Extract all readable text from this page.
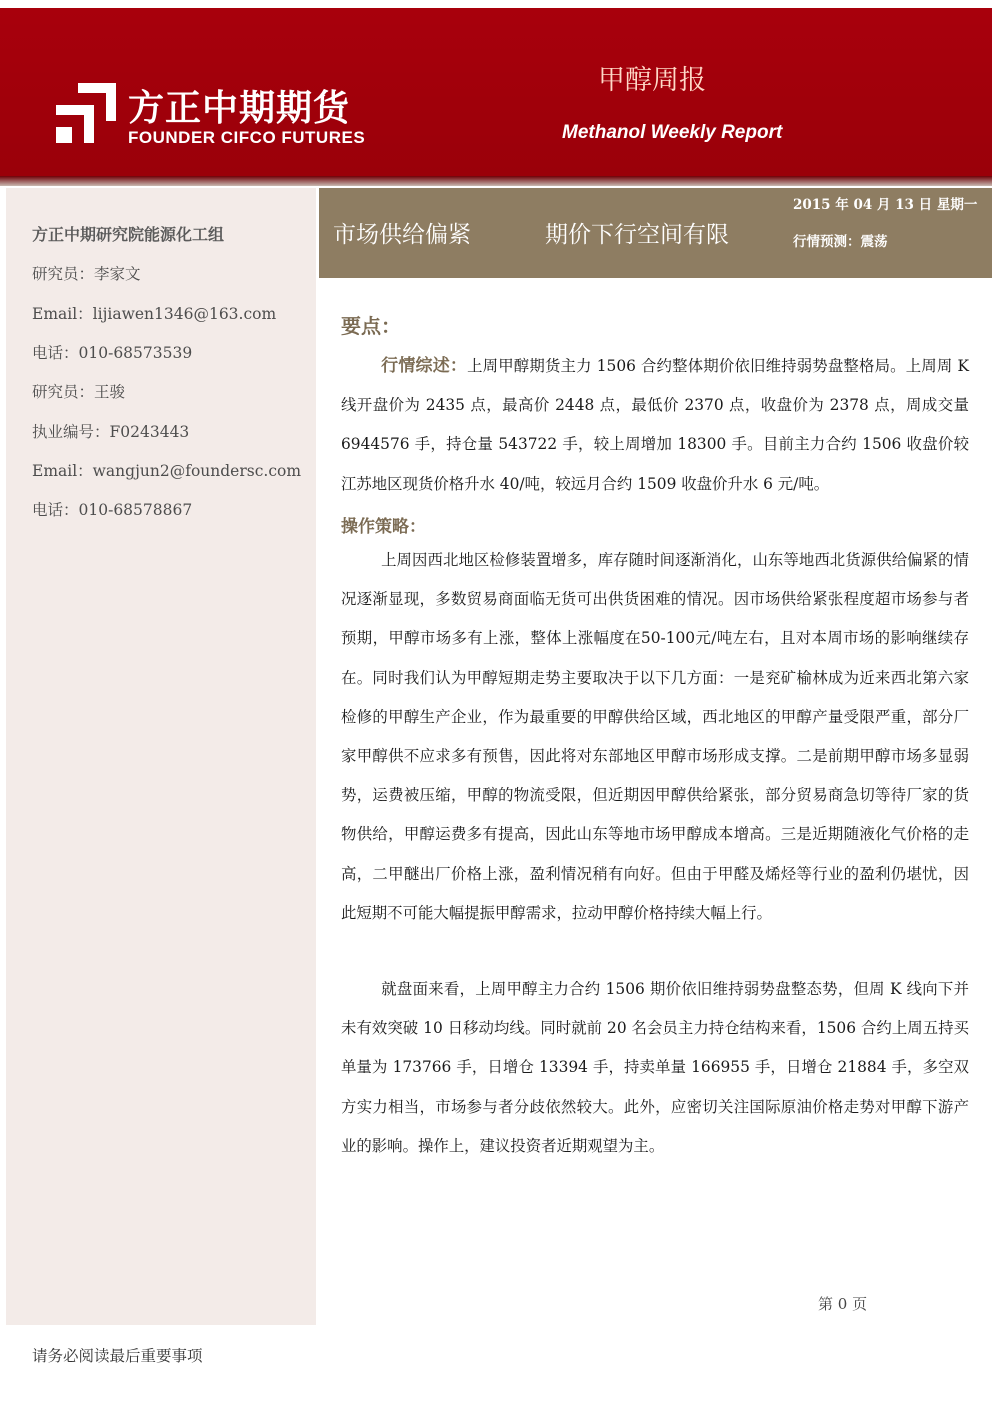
方正中期期货
FOUNDER CIFCO FUTURES
甲醇周报
Methanol Weekly Report
方正中期研究院能源化工组
研究员：李家文
Email：lijiawen1346@163.com
电话：010-68573539
研究员：王骏
执业编号：F0243443
Email：wangjun2@foundersc.com
电话：010-68578867
市场供给偏紧	期价下行空间有限
2015 年 04 月 13 日 星期一
行情预测：震荡
要点：

行情综述：上周甲醇期货主力 1506 合约整体期价依旧维持弱势盘整格局。上周周 K 线开盘价为 2435 点，最高价 2448 点，最低价 2370 点，收盘价为 2378 点，周成交量 6944576 手，持仓量 543722 手，较上周增加 18300 手。目前主力合约 1506 收盘价较江苏地区现货价格升水 40/吨，较远月合约 1509 收盘价升水 6 元/吨。

操作策略：

上周因西北地区检修装置增多，库存随时间逐渐消化，山东等地西北货源供给偏紧的情况逐渐显现，多数贸易商面临无货可出供货困难的情况。因市场供给紧张程度超市场参与者预期，甲醇市场多有上涨，整体上涨幅度在50-100元/吨左右，且对本周市场的影响继续存在。同时我们认为甲醇短期走势主要取决于以下几方面：一是兖矿榆林成为近来西北第六家检修的甲醇生产企业，作为最重要的甲醇供给区域，西北地区的甲醇产量受限严重，部分厂家甲醇供不应求多有预售，因此将对东部地区甲醇市场形成支撑。二是前期甲醇市场多显弱势，运费被压缩，甲醇的物流受限，但近期因甲醇供给紧张，部分贸易商急切等待厂家的货物供给，甲醇运费多有提高，因此山东等地市场甲醇成本增高。三是近期随液化气价格的走高，二甲醚出厂价格上涨，盈利情况稍有向好。但由于甲醛及烯烃等行业的盈利仍堪忧，因此短期不可能大幅提振甲醇需求，拉动甲醇价格持续大幅上行。

就盘面来看，上周甲醇主力合约 1506 期价依旧维持弱势盘整态势，但周 K 线向下并未有效突破 10 日移动均线。同时就前 20 名会员主力持仓结构来看，1506 合约上周五持买单量为 173766 手，日增仓 13394 手，持卖单量 166955 手，日增仓 21884 手，多空双方实力相当，市场参与者分歧依然较大。此外，应密切关注国际原油价格走势对甲醇下游产业的影响。操作上，建议投资者近期观望为主。

第 0 页
请务必阅读最后重要事项
